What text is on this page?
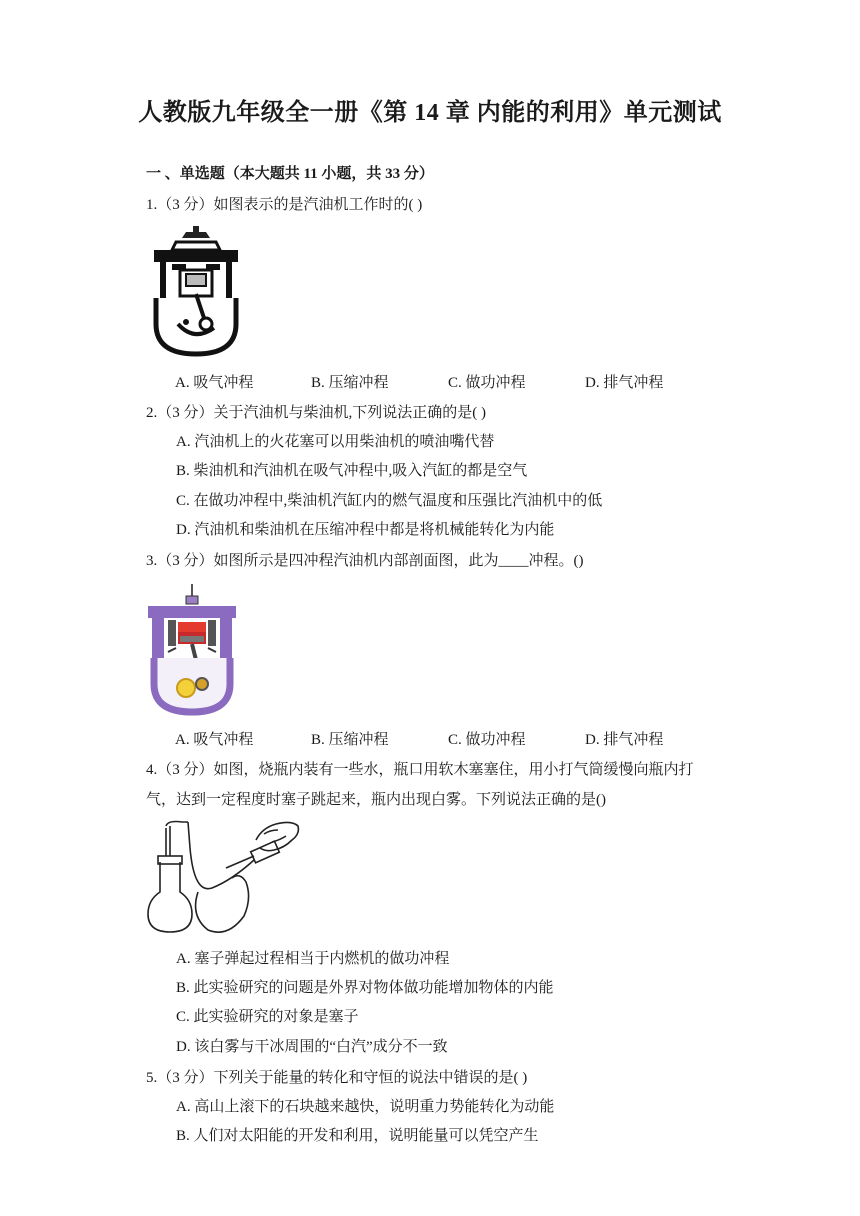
人教版九年级全一册《第 14 章 内能的利用》单元测试
一 、单选题（本大题共 11 小题，共 33 分）
1.（3 分）如图表示的是汽油机工作时的( )
A. 吸气冲程	B. 压缩冲程	C. 做功冲程	D. 排气冲程
2.（3 分）关于汽油机与柴油机,下列说法正确的是( )
A. 汽油机上的火花塞可以用柴油机的喷油嘴代替
B. 柴油机和汽油机在吸气冲程中,吸入汽缸的都是空气
C. 在做功冲程中,柴油机汽缸内的燃气温度和压强比汽油机中的低
D. 汽油机和柴油机在压缩冲程中都是将机械能转化为内能
3.（3 分）如图所示是四冲程汽油机内部剖面图，此为____冲程。()
A. 吸气冲程	B. 压缩冲程	C. 做功冲程	D. 排气冲程
4.（3 分）如图，烧瓶内装有一些水，瓶口用软木塞塞住，用小打气筒缓慢向瓶内打
气，达到一定程度时塞子跳起来，瓶内出现白雾。下列说法正确的是()
A. 塞子弹起过程相当于内燃机的做功冲程
B. 此实验研究的问题是外界对物体做功能增加物体的内能
C. 此实验研究的对象是塞子
D. 该白雾与干冰周围的“白汽”成分不一致
5.（3 分）下列关于能量的转化和守恒的说法中错误的是( )
A. 高山上滚下的石块越来越快，说明重力势能转化为动能
B. 人们对太阳能的开发和利用，说明能量可以凭空产生
